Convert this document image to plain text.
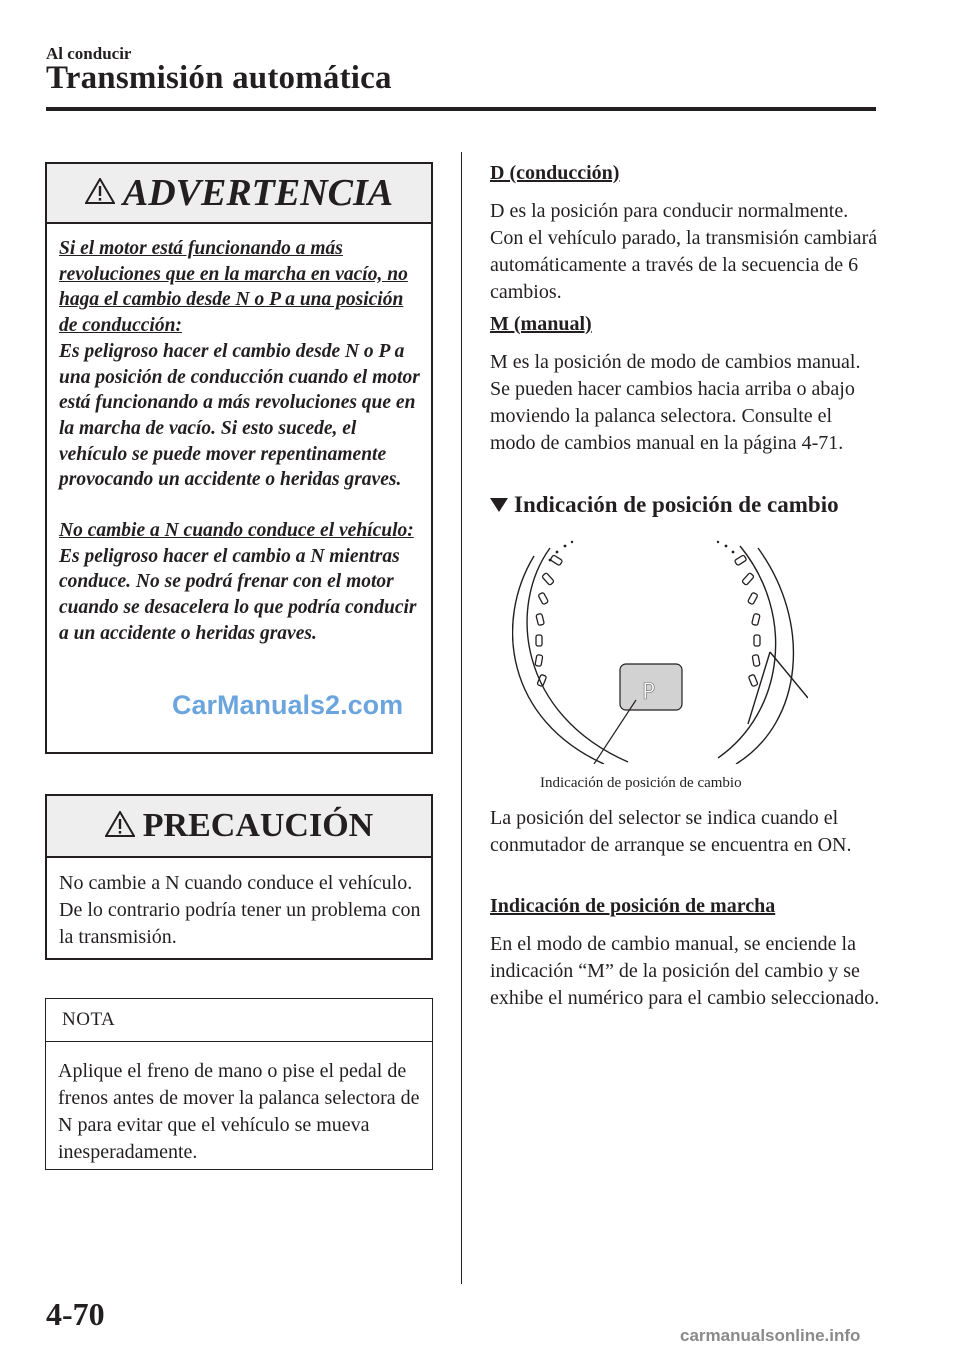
Al conducir
Transmisión automática
ADVERTENCIA

Si el motor está funcionando a más revoluciones que en la marcha en vacío, no haga el cambio desde N o P a una posición de conducción:

Es peligroso hacer el cambio desde N o P a una posición de conducción cuando el motor está funcionando a más revoluciones que en la marcha de vacío. Si esto sucede, el vehículo se puede mover repentinamente provocando un accidente o heridas graves.

No cambie a N cuando conduce el vehículo:

Es peligroso hacer el cambio a N mientras conduce. No se podrá frenar con el motor cuando se desacelera lo que podría conducir a un accidente o heridas graves.

PRECAUCIÓN
No cambie a N cuando conduce el vehículo. De lo contrario podría tener un problema con la transmisión.
NOTA
Aplique el freno de mano o pise el pedal de frenos antes de mover la palanca selectora de N para evitar que el vehículo se mueva inesperadamente.
D (conducción)
D es la posición para conducir normalmente. Con el vehículo parado, la transmisión cambiará automáticamente a través de la secuencia de 6 cambios.
M (manual)
M es la posición de modo de cambios manual. Se pueden hacer cambios hacia arriba o abajo moviendo la palanca selectora. Consulte el modo de cambios manual en la página 4-71.
Indicación de posición de cambio
P
Indicación de posición de cambio
La posición del selector se indica cuando el conmutador de arranque se encuentra en ON.
Indicación de posición de marcha
En el modo de cambio manual, se enciende la indicación “M” de la posición del cambio y se exhibe el numérico para el cambio seleccionado.
4-70
CarManuals2.com
carmanualsonline.info
